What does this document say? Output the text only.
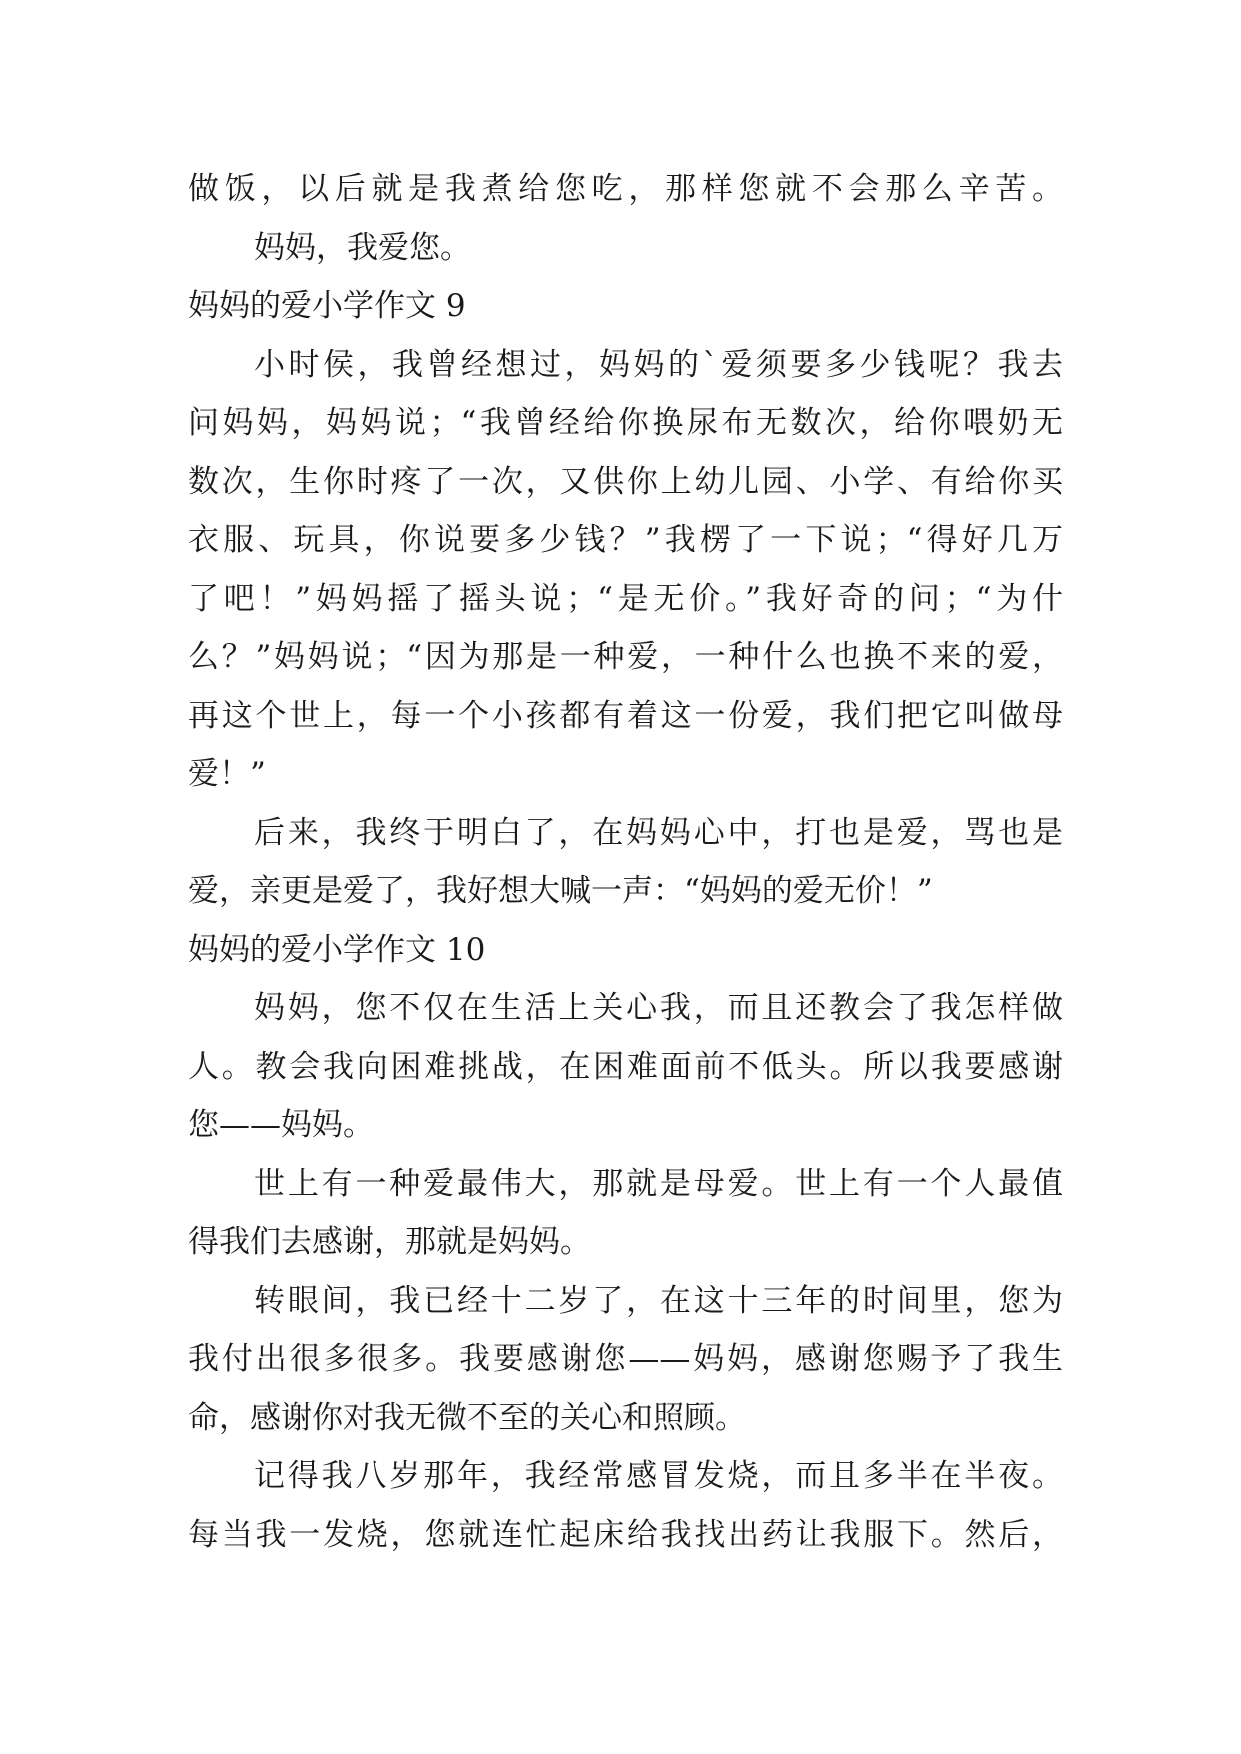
做饭，以后就是我煮给您吃，那样您就不会那么辛苦。
妈妈，我爱您。
妈妈的爱小学作文 9
小时侯，我曾经想过，妈妈的`爱须要多少钱呢？我去
问妈妈，妈妈说；“我曾经给你换尿布无数次，给你喂奶无
数次，生你时疼了一次，又供你上幼儿园、小学、有给你买
衣服、玩具，你说要多少钱？”我楞了一下说；“得好几万
了吧！”妈妈摇了摇头说；“是无价。”我好奇的问；“为什
么？”妈妈说；“因为那是一种爱，一种什么也换不来的爱，
再这个世上，每一个小孩都有着这一份爱，我们把它叫做母
爱！”
后来，我终于明白了，在妈妈心中，打也是爱，骂也是
爱，亲更是爱了，我好想大喊一声：“妈妈的爱无价！”
妈妈的爱小学作文 10
妈妈，您不仅在生活上关心我，而且还教会了我怎样做
人。教会我向困难挑战，在困难面前不低头。所以我要感谢
您——妈妈。
世上有一种爱最伟大，那就是母爱。世上有一个人最值
得我们去感谢，那就是妈妈。
转眼间，我已经十二岁了，在这十三年的时间里，您为
我付出很多很多。我要感谢您——妈妈，感谢您赐予了我生
命，感谢你对我无微不至的关心和照顾。
记得我八岁那年，我经常感冒发烧，而且多半在半夜。
每当我一发烧，您就连忙起床给我找出药让我服下。然后，
